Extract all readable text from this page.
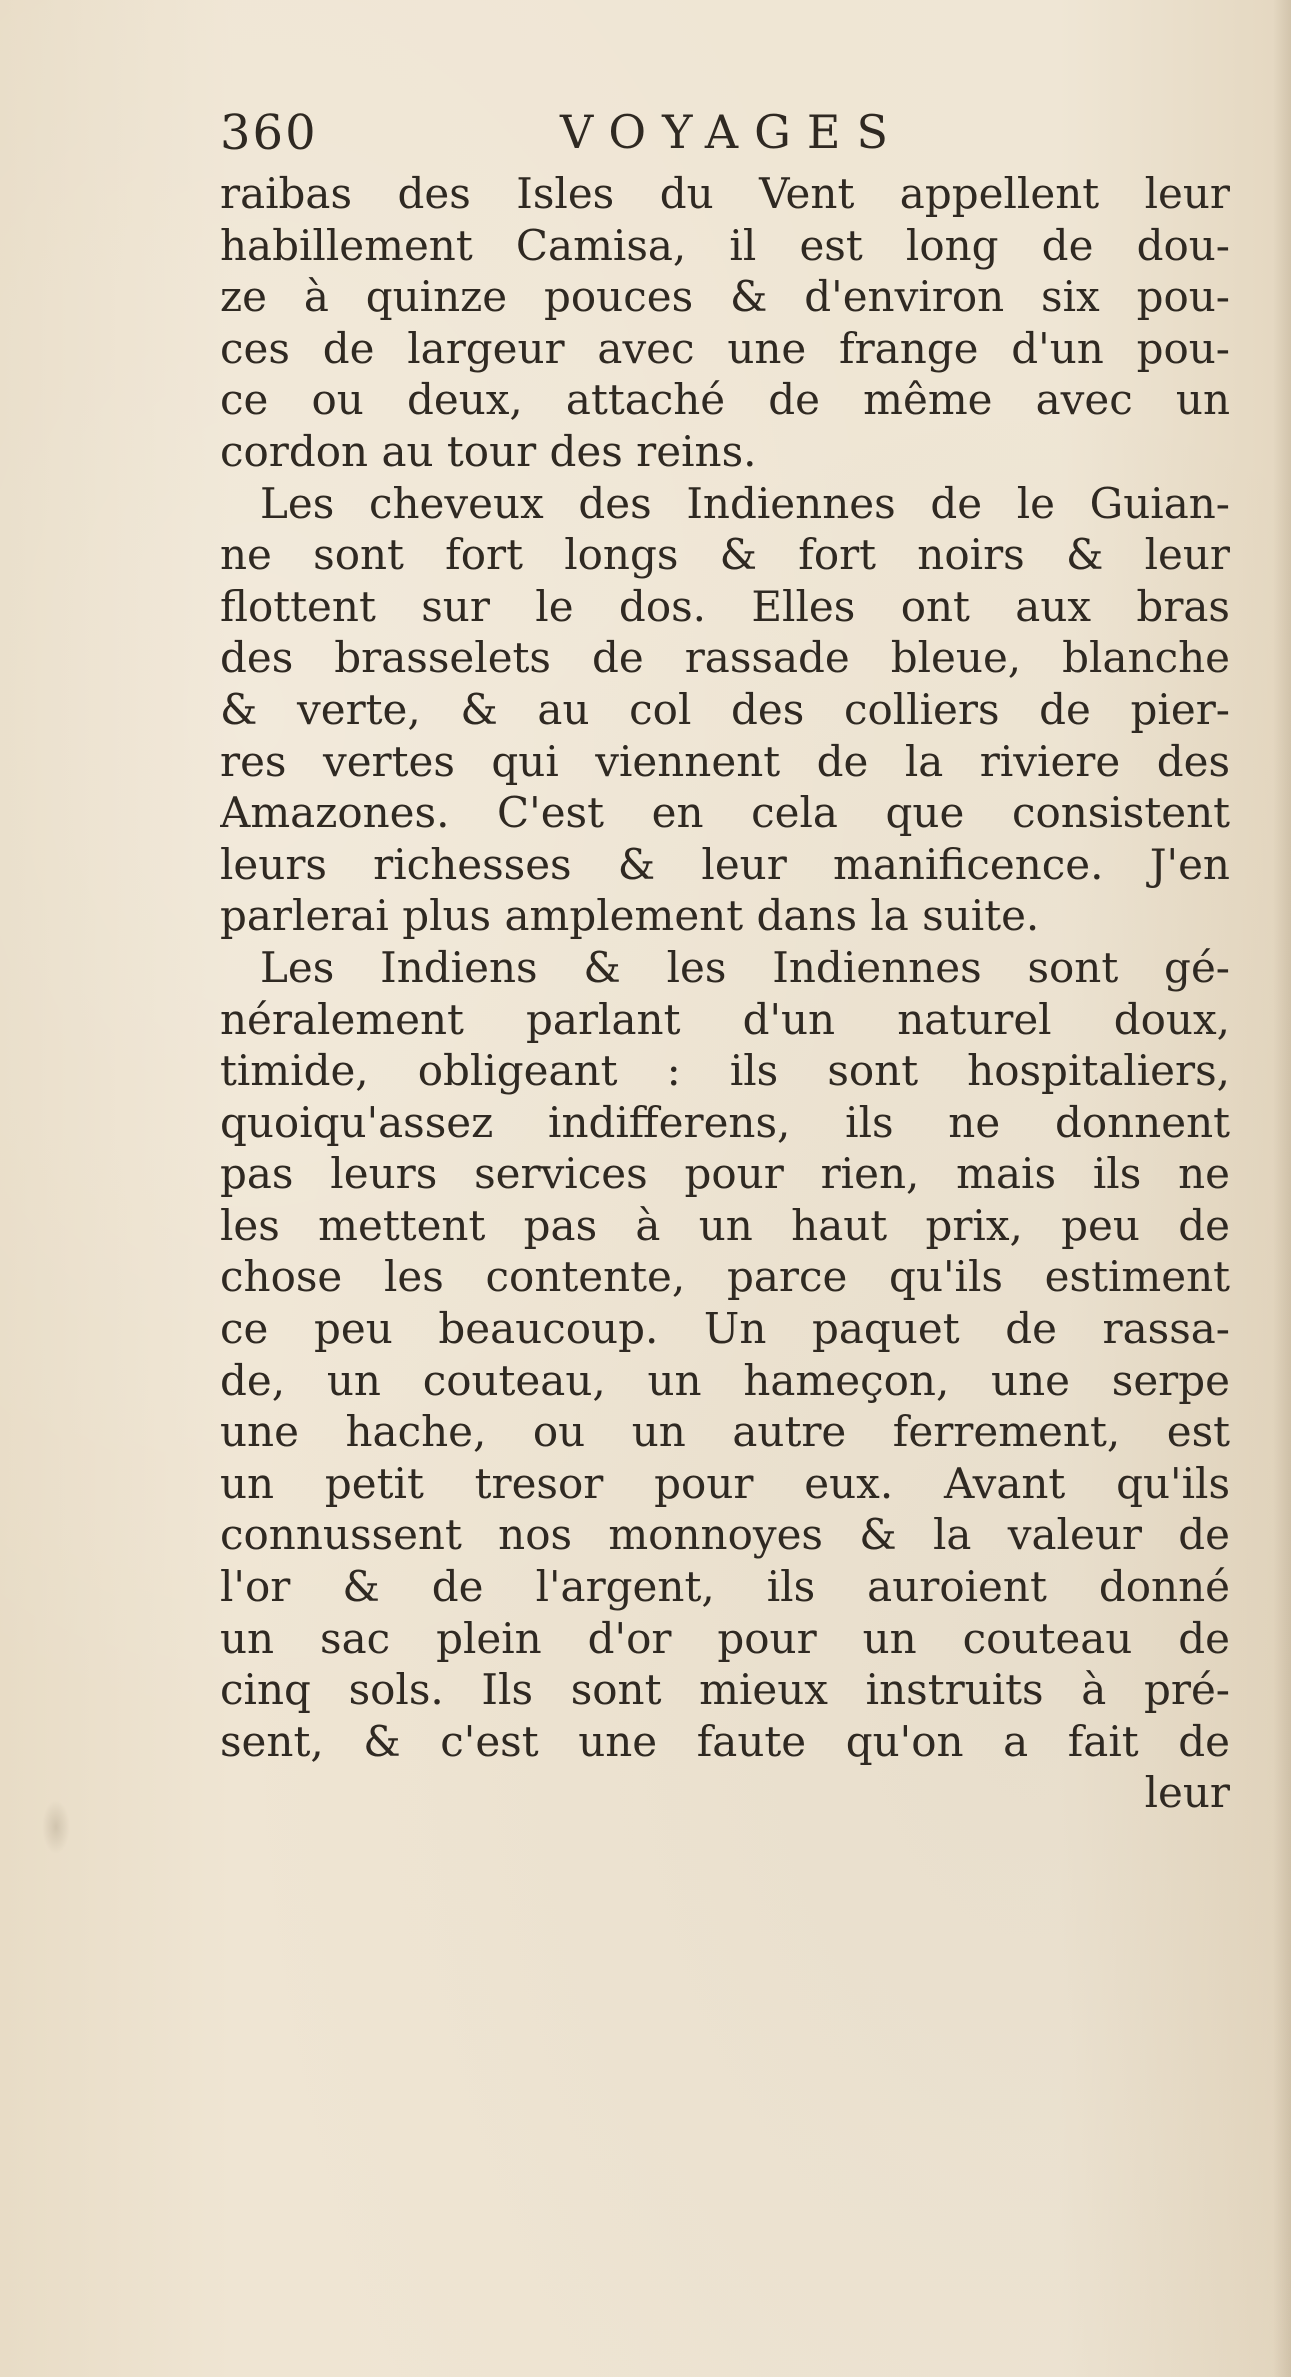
360	VOYAGES
raibas des Isles du Vent appellent leur
habillement Camisa, il est long de dou-
ze à quinze pouces & d'environ six pou-
ces de largeur avec une frange d'un pou-
ce ou deux, attaché de même avec un
cordon au tour des reins.
Les cheveux des Indiennes de le Guian-
ne sont fort longs & fort noirs & leur
flottent sur le dos. Elles ont aux bras
des brasselets de rassade bleue, blanche
& verte, & au col des colliers de pier-
res vertes qui viennent de la riviere des
Amazones. C'est en cela que consistent
leurs richesses & leur manificence. J'en
parlerai plus amplement dans la suite.
Les Indiens & les Indiennes sont gé-
néralement parlant d'un naturel doux,
timide, obligeant : ils sont hospitaliers,
quoiqu'assez indifferens, ils ne donnent
pas leurs services pour rien, mais ils ne
les mettent pas à un haut prix, peu de
chose les contente, parce qu'ils estiment
ce peu beaucoup. Un paquet de rassa-
de, un couteau, un hameçon, une serpe
une hache, ou un autre ferrement, est
un petit tresor pour eux. Avant qu'ils
connussent nos monnoyes & la valeur de
l'or & de l'argent, ils auroient donné
un sac plein d'or pour un couteau de
cinq sols. Ils sont mieux instruits à pré-
sent, & c'est une faute qu'on a fait de
leur
